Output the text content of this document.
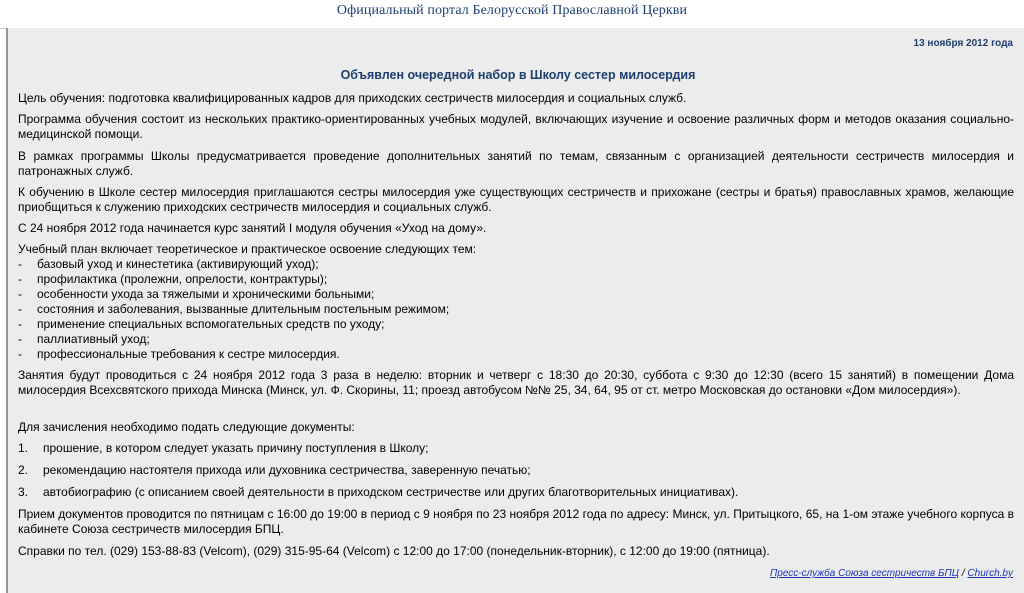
Официальный портал Белорусской Православной Церкви
13 ноября 2012 года
Объявлен очередной набор в Школу сестер милосердия

Цель обучения: подготовка квалифицированных кадров для приходских сестричеств милосердия и социальных служб.

Программа обучения состоит из нескольких практико-ориентированных учебных модулей, включающих изучение и освоение различных форм и методов оказания социально-медицинской помощи.

В рамках программы Школы предусматривается проведение дополнительных занятий по темам, связанным с организацией деятельности сестричеств милосердия и патронажных служб.

К обучению в Школе сестер милосердия приглашаются сестры милосердия уже существующих сестричеств и прихожане (сестры и братья) православных храмов, желающие приобщиться к служению приходских сестричеств милосердия и социальных служб.

С 24 ноября 2012 года начинается курс занятий I модуля обучения «Уход на дому».

Учебный план включает теоретическое и практическое освоение следующих тем:

- базовый уход и кинестетика (активирующий уход);
- профилактика (пролежни, опрелости, контрактуры);
- особенности ухода за тяжелыми и хроническими больными;
- состояния и заболевания, вызванные длительным постельным режимом;
- применение специальных вспомогательных средств по уходу;
- паллиативный уход;
- профессиональные требования к сестре милосердия.

Занятия будут проводиться с 24 ноября 2012 года 3 раза в неделю: вторник и четверг с 18:30 до 20:30, суббота с 9:30 до 12:30 (всего 15 занятий) в помещении Дома милосердия Всехсвятского прихода Минска (Минск, ул. Ф. Скорины, 11; проезд автобусом №№ 25, 34, 64, 95 от ст. метро Московская до остановки «Дом милосердия»).

Для зачисления необходимо подать следующие документы:

1. прошение, в котором следует указать причину поступления в Школу;
2. рекомендацию настоятеля прихода или духовника сестричества, заверенную печатью;
3. автобиографию (с описанием своей деятельности в приходском сестричестве или других благотворительных инициативах).

Прием документов проводится по пятницам с 16:00 до 19:00 в период с 9 ноября по 23 ноября 2012 года по адресу: Минск, ул. Притыцкого, 65, на 1-ом этаже учебного корпуса в кабинете Союза сестричеств милосердия БПЦ.

Справки по тел. (029) 153-88-83 (Velcom), (029) 315-95-64 (Velcom) с 12:00 до 17:00 (понедельник-вторник), с 12:00 до 19:00 (пятница).

Пресс-служба Союза сестричеств БПЦ / Church.by
